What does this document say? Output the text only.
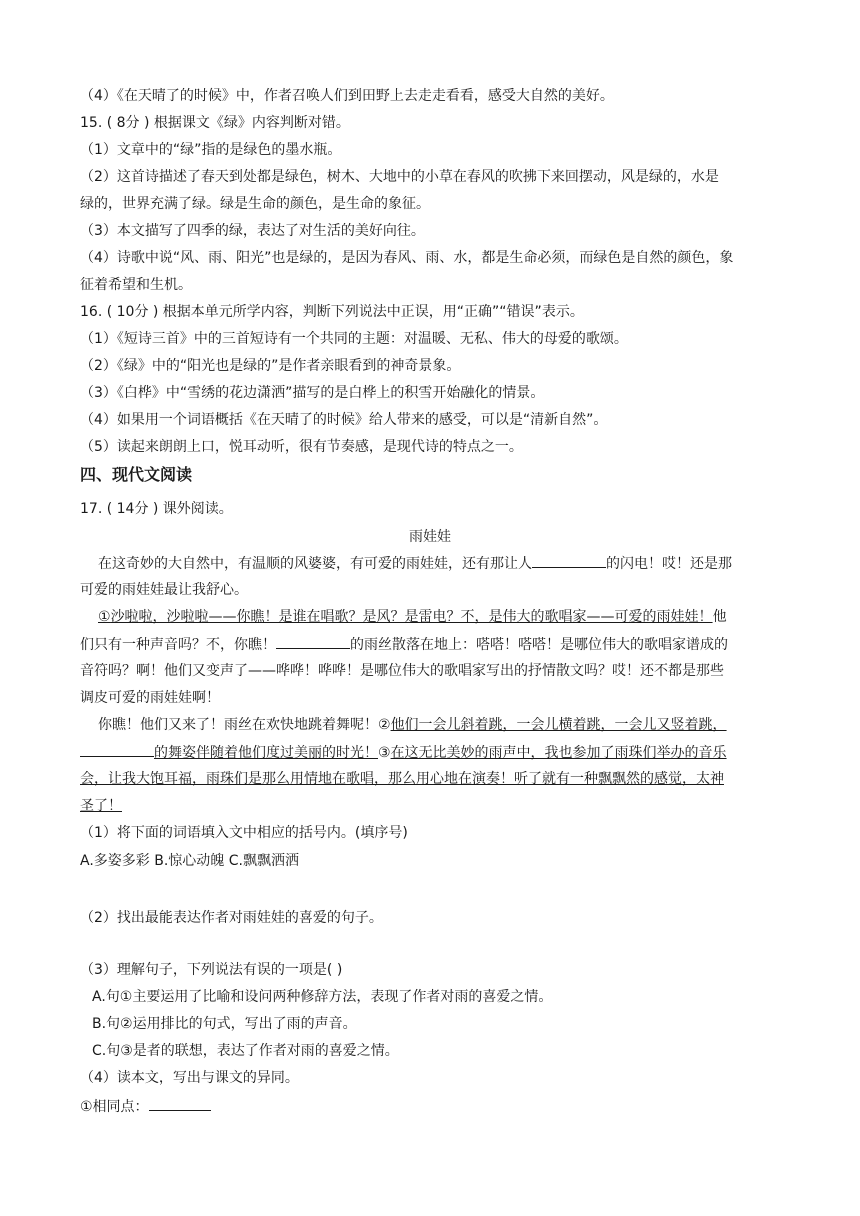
（4）《在天晴了的时候》中，作者召唤人们到田野上去走走看看，感受大自然的美好。
15. ( 8分 ) 根据课文《绿》内容判断对错。
（1）文章中的“绿”指的是绿色的墨水瓶。
（2）这首诗描述了春天到处都是绿色，树木、大地中的小草在春风的吹拂下来回摆动，风是绿的，水是
绿的，世界充满了绿。绿是生命的颜色，是生命的象征。
（3）本文描写了四季的绿，表达了对生活的美好向往。
（4）诗歌中说“风、雨、阳光”也是绿的，是因为春风、雨、水，都是生命必须，而绿色是自然的颜色，象
征着希望和生机。
16. ( 10分 ) 根据本单元所学内容，判断下列说法中正误，用“正确”“错误”表示。
（1）《短诗三首》中的三首短诗有一个共同的主题：对温暖、无私、伟大的母爱的歌颂。
（2）《绿》中的“阳光也是绿的”是作者亲眼看到的神奇景象。
（3）《白桦》中“雪绣的花边潇洒”描写的是白桦上的积雪开始融化的情景。
（4）如果用一个词语概括《在天晴了的时候》给人带来的感受，可以是“清新自然”。
（5）读起来朗朗上口，悦耳动听，很有节奏感，是现代诗的特点之一。
四、现代文阅读
17. ( 14分 ) 课外阅读。
雨娃娃
在这奇妙的大自然中，有温顺的风婆婆，有可爱的雨娃娃，还有那让人	的闪电！哎！还是那
可爱的雨娃娃最让我舒心。
①沙啦啦，沙啦啦——你瞧！是谁在唱歌？是风？是雷电？不，是伟大的歌唱家——可爱的雨娃娃！他
们只有一种声音吗？不，你瞧！	的雨丝散落在地上：嗒嗒！嗒嗒！是哪位伟大的歌唱家谱成的
音符吗？啊！他们又变声了——哗哗！哗哗！是哪位伟大的歌唱家写出的抒情散文吗？哎！还不都是那些
调皮可爱的雨娃娃啊！
你瞧！他们又来了！雨丝在欢快地跳着舞呢！②他们一会儿斜着跳，一会儿横着跳，一会儿又竖着跳，
的舞姿伴随着他们度过美丽的时光！③在这无比美妙的雨声中，我也参加了雨珠们举办的音乐
会，让我大饱耳福，雨珠们是那么用情地在歌唱，那么用心地在演奏！听了就有一种飘飘然的感觉，太神
圣了！
（1）将下面的词语填入文中相应的括号内。(填序号)
A.多姿多彩 B.惊心动魄 C.飘飘洒洒
（2）找出最能表达作者对雨娃娃的喜爱的句子。
（3）理解句子，下列说法有误的一项是( )
A.句①主要运用了比喻和设问两种修辞方法，表现了作者对雨的喜爱之情。
B.句②运用排比的句式，写出了雨的声音。
C.句③是者的联想，表达了作者对雨的喜爱之情。
（4）读本文，写出与课文的异同。
①相同点：
